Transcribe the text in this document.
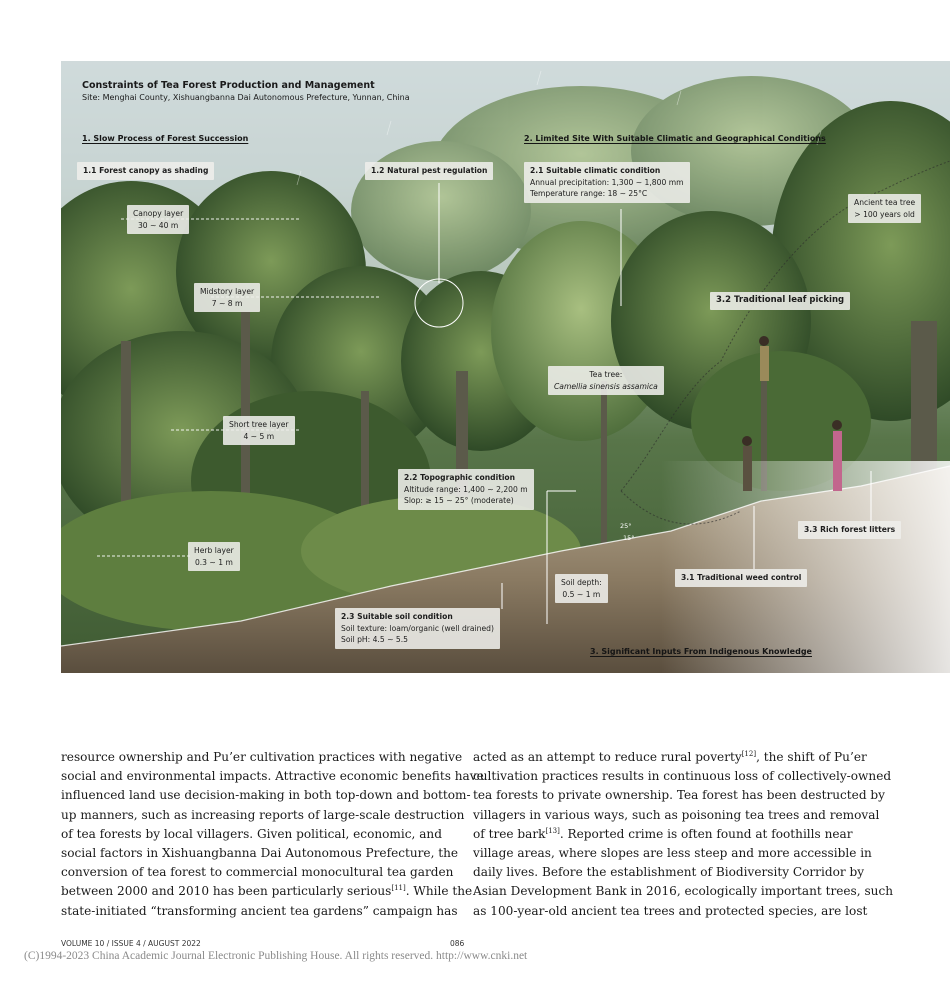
Constraints of Tea Forest Production and Management
Site: Menghai County, Xishuangbanna Dai Autonomous Prefecture, Yunnan, China
1. Slow Process of Forest Succession	2. Limited Site With Suitable Climatic and Geographical Conditions
3. Significant Inputs From Indigenous Knowledge
1.1 Forest canopy as shading	1.2 Natural pest regulation
Canopy layer
30 ~ 40 m
Midstory layer
7 ~ 8 m
Short tree layer
4 ~ 5 m
Herb layer
0.3 ~ 1 m
2.1 Suitable climatic condition
Annual precipitation: 1,300 ~ 1,800 mm
Temperature range: 18 ~ 25°C
2.2 Topographic condition
Altitude range: 1,400 ~ 2,200 m
Slop: ≥ 15 ~ 25° (moderate)
2.3 Suitable soil condition
Soil texture: loam/organic (well drained)
Soil pH: 4.5 ~ 5.5
Soil depth:
0.5 ~ 1 m
Tea tree:
Camellia sinensis assamica
Ancient tea tree
> 100 years old
3.1 Traditional weed control
3.2 Traditional leaf picking
3.3 Rich forest litters
25°
15°
resource ownership and Pu’er cultivation practices with negative
social and environmental impacts. Attractive economic benefits have
influenced land use decision-making in both top-down and bottom-
up manners, such as increasing reports of large-scale destruction
of tea forests by local villagers. Given political, economic, and
social factors in Xishuangbanna Dai Autonomous Prefecture, the
conversion of tea forest to commercial monocultural tea garden
between 2000 and 2010 has been particularly serious[11]. While the
state-initiated “transforming ancient tea gardens” campaign has
acted as an attempt to reduce rural poverty[12], the shift of Pu’er
cultivation practices results in continuous loss of collectively-owned
tea forests to private ownership. Tea forest has been destructed by
villagers in various ways, such as poisoning tea trees and removal
of tree bark[13]. Reported crime is often found at foothills near
village areas, where slopes are less steep and more accessible in
daily lives. Before the establishment of Biodiversity Corridor by
Asian Development Bank in 2016, ecologically important trees, such
as 100-year-old ancient tea trees and protected species, are lost
VOLUME 10 / ISSUE 4 / AUGUST 2022	086
(C)1994-2023 China Academic Journal Electronic Publishing House. All rights reserved. http://www.cnki.net
